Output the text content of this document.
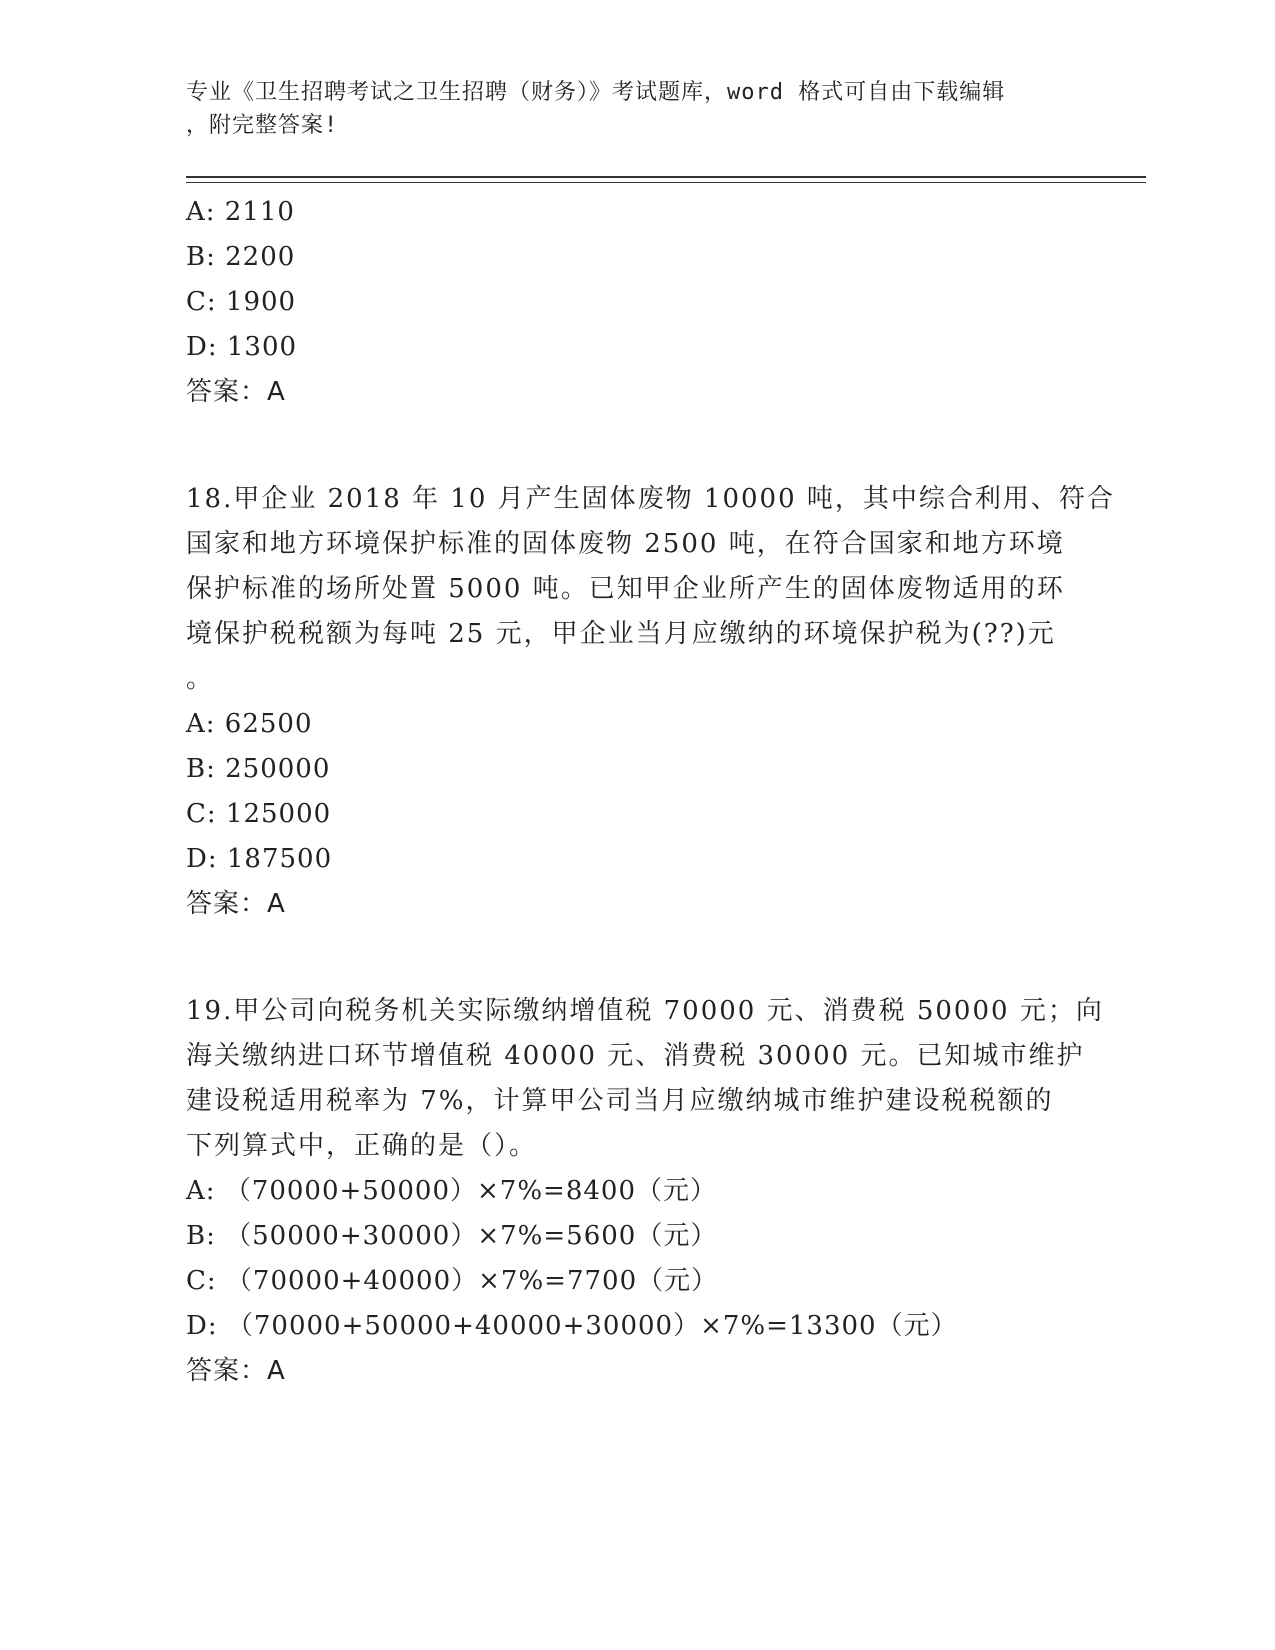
专业《卫生招聘考试之卫生招聘（财务）》考试题库，word 格式可自由下载编辑
，附完整答案!
A: 2110
B: 2200
C: 1900
D: 1300
答案：A
18.甲企业 2018 年 10 月产生固体废物 10000 吨，其中综合利用、符合
国家和地方环境保护标准的固体废物 2500 吨，在符合国家和地方环境
保护标准的场所处置 5000 吨。已知甲企业所产生的固体废物适用的环
境保护税税额为每吨 25 元，甲企业当月应缴纳的环境保护税为(??)元
。
A: 62500
B: 250000
C: 125000
D: 187500
答案：A
19.甲公司向税务机关实际缴纳增值税 70000 元、消费税 50000 元；向
海关缴纳进口环节增值税 40000 元、消费税 30000 元。已知城市维护
建设税适用税率为 7%，计算甲公司当月应缴纳城市维护建设税税额的
下列算式中，正确的是（）。
A: （70000+50000）×7%=8400（元）
B: （50000+30000）×7%=5600（元）
C: （70000+40000）×7%=7700（元）
D: （70000+50000+40000+30000）×7%=13300（元）
答案：A
